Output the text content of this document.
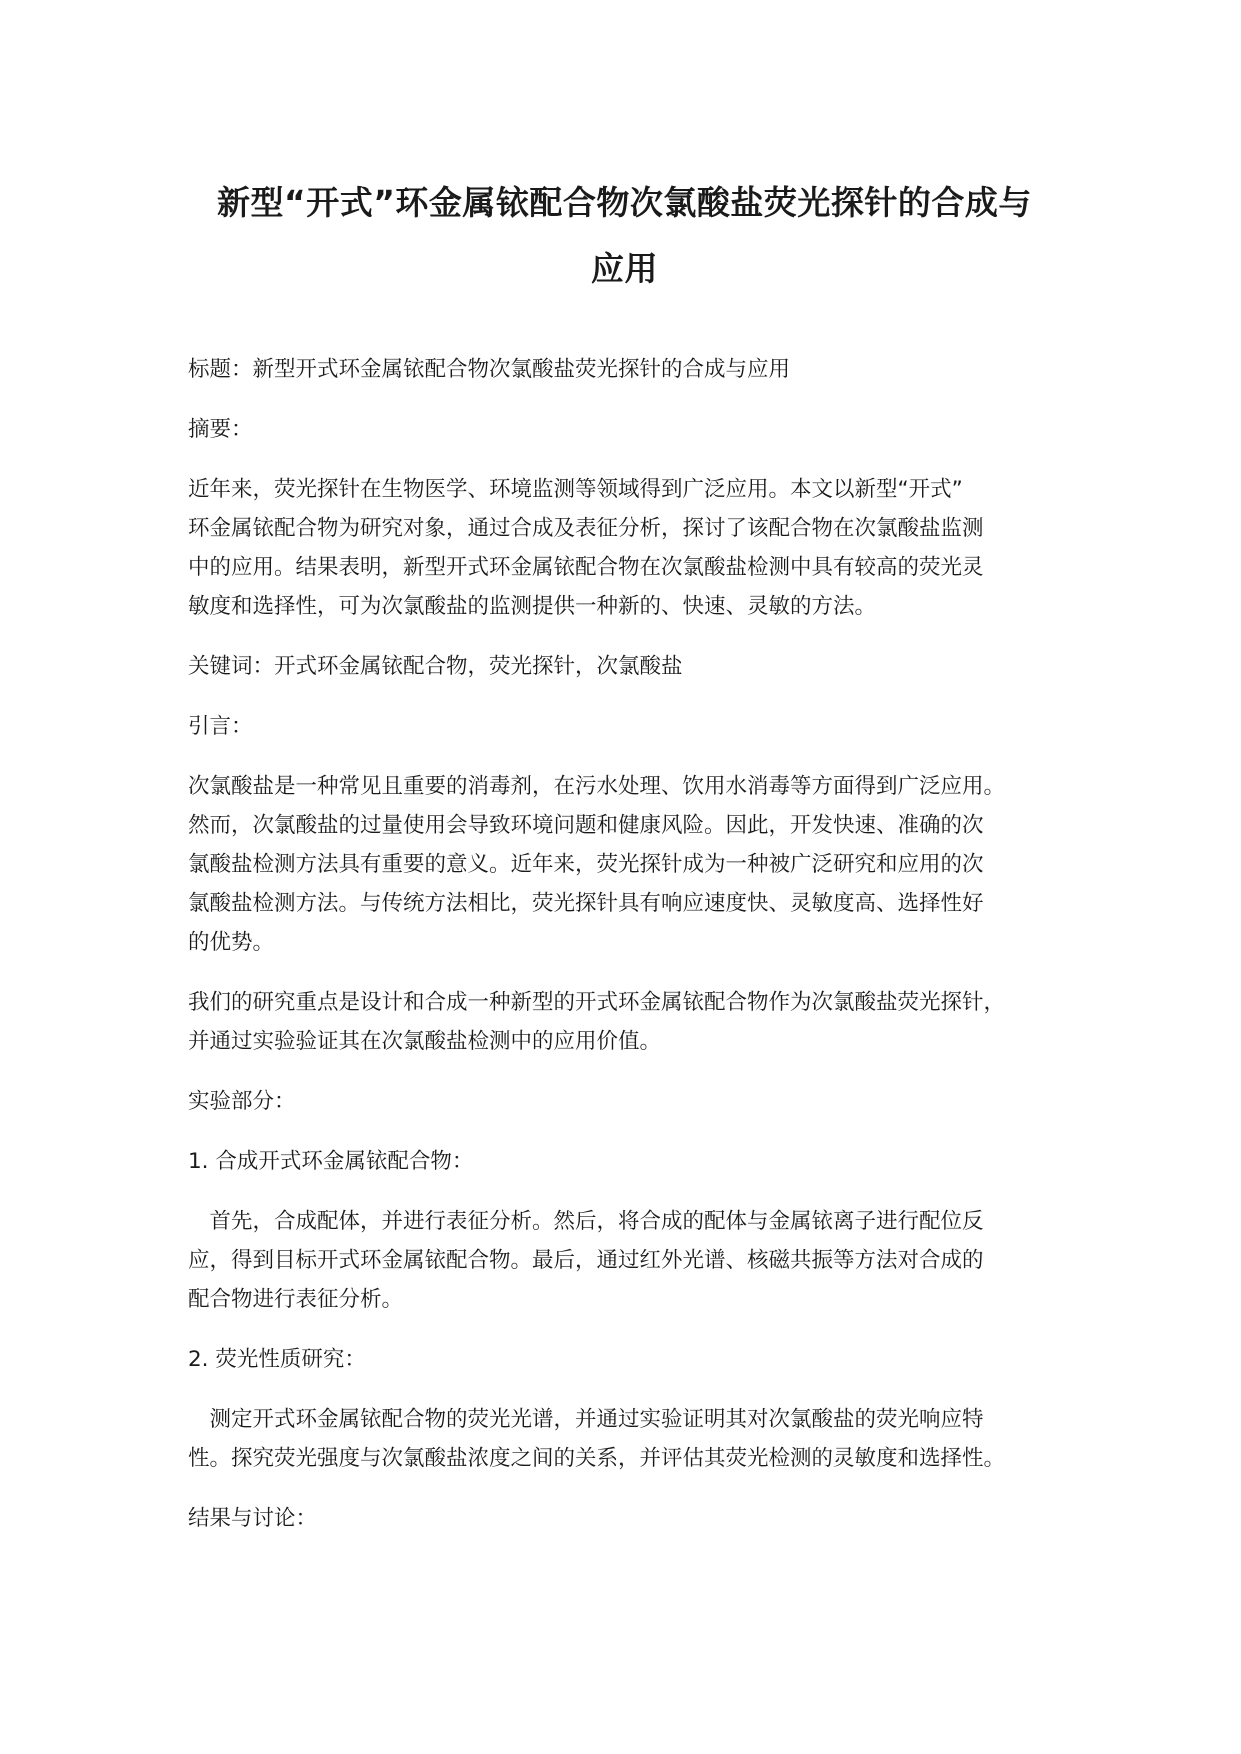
新型“开式”环金属铱配合物次氯酸盐荧光探针的合成与
应用

标题：新型开式环金属铱配合物次氯酸盐荧光探针的合成与应用

摘要：

近年来，荧光探针在生物医学、环境监测等领域得到广泛应用。本文以新型“开式”
环金属铱配合物为研究对象，通过合成及表征分析，探讨了该配合物在次氯酸盐监测
中的应用。结果表明，新型开式环金属铱配合物在次氯酸盐检测中具有较高的荧光灵
敏度和选择性，可为次氯酸盐的监测提供一种新的、快速、灵敏的方法。

关键词：开式环金属铱配合物，荧光探针，次氯酸盐

引言：

次氯酸盐是一种常见且重要的消毒剂，在污水处理、饮用水消毒等方面得到广泛应用。
然而，次氯酸盐的过量使用会导致环境问题和健康风险。因此，开发快速、准确的次
氯酸盐检测方法具有重要的意义。近年来，荧光探针成为一种被广泛研究和应用的次
氯酸盐检测方法。与传统方法相比，荧光探针具有响应速度快、灵敏度高、选择性好
的优势。

我们的研究重点是设计和合成一种新型的开式环金属铱配合物作为次氯酸盐荧光探针，
并通过实验验证其在次氯酸盐检测中的应用价值。

实验部分：

1. 合成开式环金属铱配合物：

首先，合成配体，并进行表征分析。然后，将合成的配体与金属铱离子进行配位反
应，得到目标开式环金属铱配合物。最后，通过红外光谱、核磁共振等方法对合成的
配合物进行表征分析。

2. 荧光性质研究：

测定开式环金属铱配合物的荧光光谱，并通过实验证明其对次氯酸盐的荧光响应特
性。探究荧光强度与次氯酸盐浓度之间的关系，并评估其荧光检测的灵敏度和选择性。

结果与讨论：
